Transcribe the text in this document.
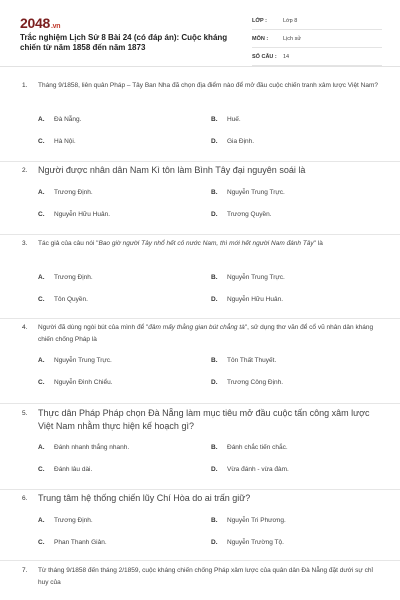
2048.vn
Trắc nghiệm Lịch Sử 8 Bài 24 (có đáp án): Cuộc kháng chiến từ năm 1858 đến năm 1873
LỚP :	Lớp 8
MÔN :	Lịch sử
SỐ CÂU :	14
1. Tháng 9/1858, liên quân Pháp – Tây Ban Nha đã chọn địa điểm nào để mở đầu cuộc chiến tranh xâm lược Việt Nam?
A. Đà Nẵng.	B. Huế.
C. Hà Nội.	D. Gia Định.
2. Người được nhân dân Nam Kì tôn làm Bình Tây đại nguyên soái là
A. Trương Định.	B. Nguyễn Trung Trực.
C. Nguyễn Hữu Huân.	D. Trương Quyền.
3. Tác giả của câu nói "Bao giờ người Tây nhổ hết cỏ nước Nam, thì mới hết người Nam đánh Tây" là
A. Trương Định.	B. Nguyễn Trung Trực.
C. Tôn Quyền.	D. Nguyễn Hữu Huân.
4. Người đã dùng ngòi bút của mình để "đâm mấy thằng gian bút chẳng tà", sử dụng thơ văn để cổ vũ nhân dân kháng chiến chống Pháp là
A. Nguyễn Trung Trực.	B. Tôn Thất Thuyết.
C. Nguyễn Đình Chiểu.	D. Trương Công Định.
5. Thực dân Pháp Pháp chọn Đà Nẵng làm mục tiêu mở đầu cuộc tấn công xâm lược Việt Nam nhằm thực hiện kế hoạch gì?
A. Đánh nhanh thắng nhanh.	B. Đánh chắc tiến chắc.
C. Đánh lâu dài.	D. Vừa đánh - vừa đàm.
6. Trung tâm hệ thống chiến lũy Chí Hòa do ai trấn giữ?
A. Trương Định.	B. Nguyễn Tri Phương.
C. Phan Thanh Giản.	D. Nguyễn Trường Tộ.
7. Từ tháng 9/1858 đến tháng 2/1859, cuộc kháng chiến chống Pháp xâm lược của quân dân Đà Nẵng đặt dưới sự chỉ huy của
